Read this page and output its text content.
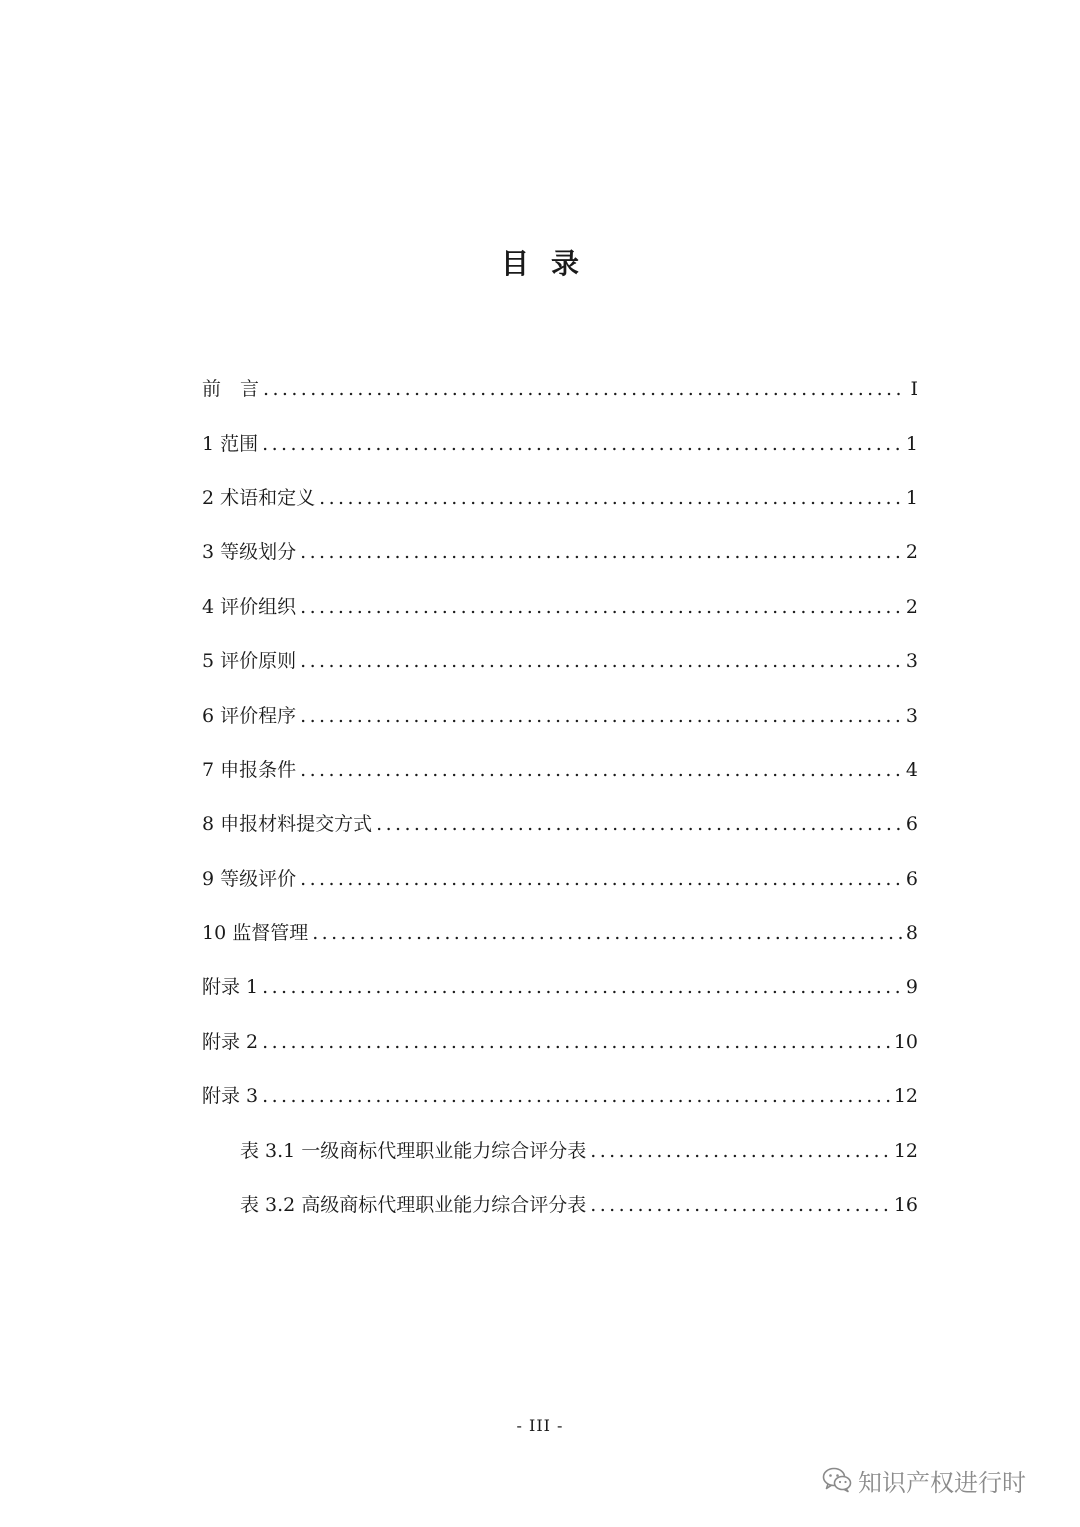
目录
前　言 .....	I
1 范围 .....	1
2 术语和定义 .....	1
3 等级划分 .....	2
4 评价组织 .....	2
5 评价原则 .....	3
6 评价程序 .....	3
7 申报条件 .....	4
8 申报材料提交方式 .....	6
9 等级评价 .....	6
10 监督管理 .....	8
附录 1 .....	9
附录 2 .....	10
附录 3 .....	12
表 3.1 一级商标代理职业能力综合评分表 .....	12
表 3.2 高级商标代理职业能力综合评分表 .....	16
- III -
知识产权进行时
